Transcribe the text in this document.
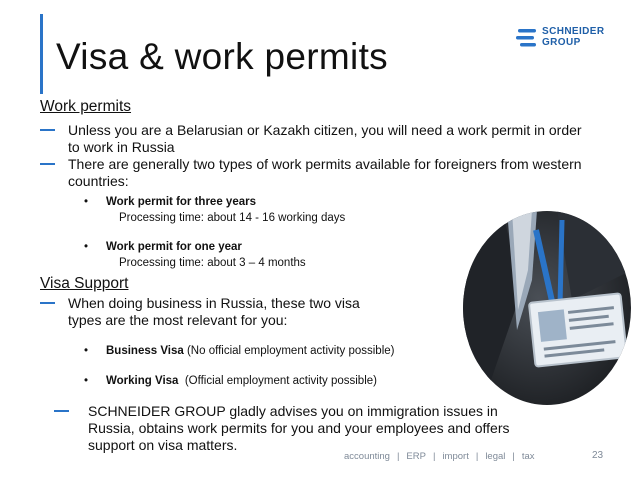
Visa & work permits
SCHNEIDER
GROUP
Work permits
Unless you are a Belarusian or Kazakh citizen, you will need a work permit in order
to work in Russia
There are generally two types of work permits available for foreigners from western
countries:
• Work permit for three years
Processing time: about 14 - 16 working days
• Work permit for one year
Processing time: about 3 – 4 months
Visa Support
When doing business in Russia, these two visa
types are the most relevant for you:
• Business Visa (No official employment activity possible)
• Working Visa  (Official employment activity possible)
SCHNEIDER GROUP gladly advises you on immigration issues in
Russia, obtains work permits for you and your employees and offers
support on visa matters.
accounting | ERP | import | legal | tax	23
